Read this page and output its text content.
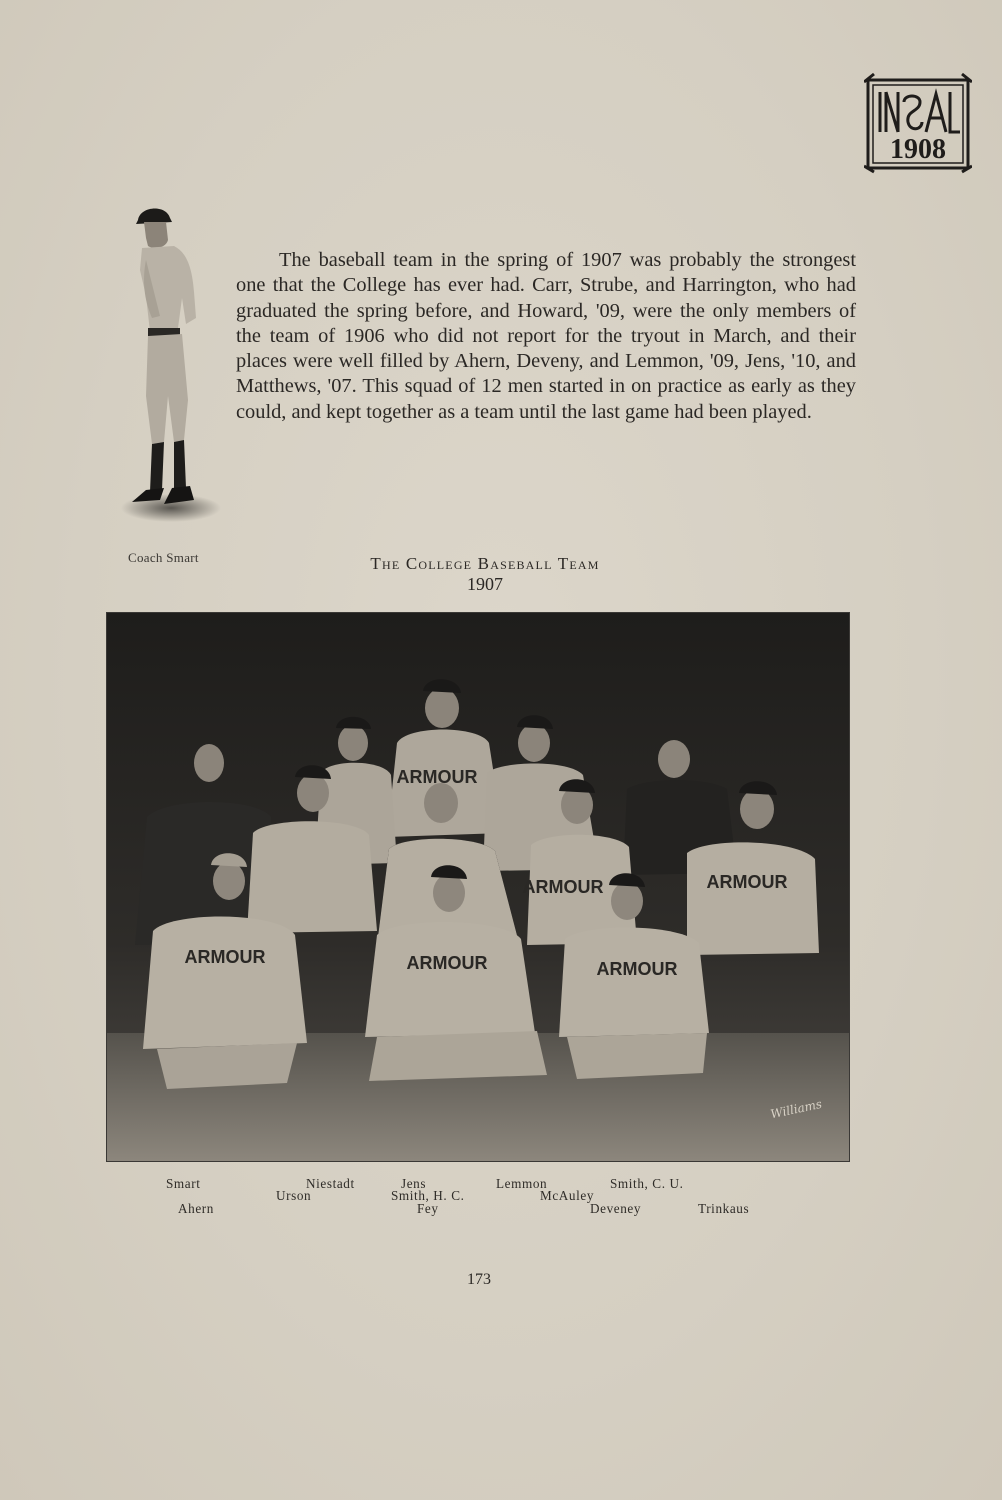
1908
Coach Smart
The baseball team in the spring of 1907 was probably the strongest one that the College has ever had. Carr, Strube, and Harrington, who had graduated the spring before, and Howard, '09, were the only members of the team of 1906 who did not report for the tryout in March, and their places were well filled by Ahern, Deveny, and Lemmon, '09, Jens, '10, and Matthews, '07. This squad of 12 men started in on practice as early as they could, and kept together as a team until the last game had been played.
The College Baseball Team
1907
ARMOUR
ARMOUR	ARMOUR
ARMOUR	ARMOUR
ARMOUR
Williams
Smart	Niestadt	Jens	Lemmon	Smith, C. U.
Urson	Smith, H. C.	McAuley
Ahern	Fey	Deveney	Trinkaus
173
